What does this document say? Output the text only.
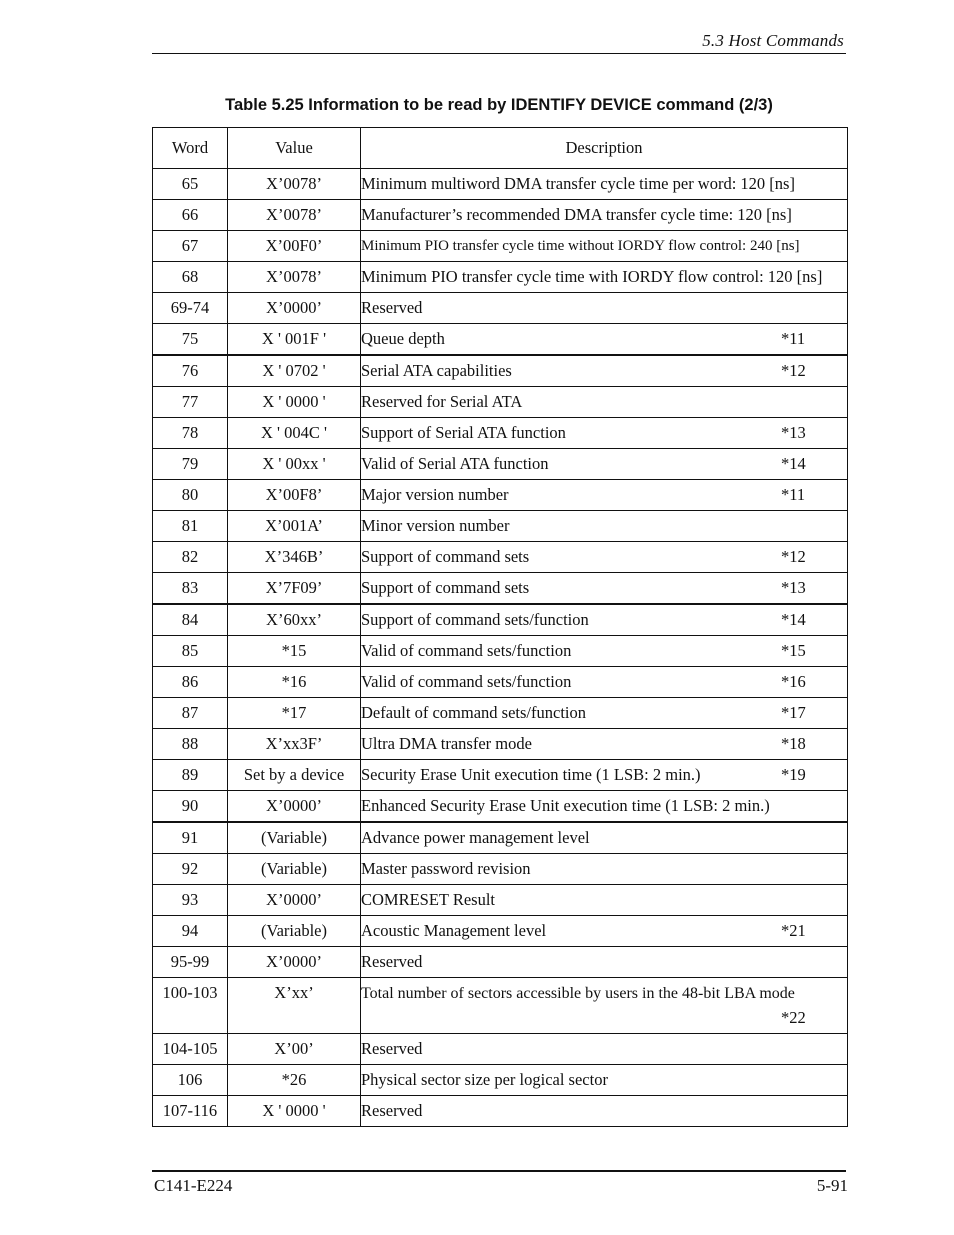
5.3 Host Commands
Table 5.25 Information to be read by IDENTIFY DEVICE command (2/3)
Word	Value	Description
65	X’0078’	Minimum multiword DMA transfer cycle time per word: 120 [ns]
66	X’0078’	Manufacturer’s recommended DMA transfer cycle time: 120 [ns]
67	X’00F0’	Minimum PIO transfer cycle time without IORDY flow control: 240 [ns]
68	X’0078’	Minimum PIO transfer cycle time with IORDY flow control: 120 [ns]
69-74	X’0000’	Reserved
75	X ' 001F '	Queue depth *11

76	X ' 0702 '	Serial ATA capabilities *12

77	X ' 0000 '	Reserved for Serial ATA
78	X ' 004C '	Support of Serial ATA function *13

79	X ' 00xx '	Valid of Serial ATA function *14

80	X’00F8’	Major version number *11

81	X’001A’	Minor version number
82	X’346B’	Support of command sets *12

83	X’7F09’	Support of command sets *13

84	X’60xx’	Support of command sets/function *14

85	*15	Valid of command sets/function *15

86	*16	Valid of command sets/function *16

87	*17	Default of command sets/function *17

88	X’xx3F’	Ultra DMA transfer mode *18

89	Set by a device	Security Erase Unit execution time (1 LSB: 2 min.) *19

90	X’0000’	Enhanced Security Erase Unit execution time (1 LSB: 2 min.)
91	(Variable)	Advance power management level
92	(Variable)	Master password revision
93	X’0000’	COMRESET Result
94	(Variable)	Acoustic Management level *21

95-99	X’0000’	Reserved
100-103	X’xx’	Total number of sectors accessible by users in the 48-bit LBA mode
*22

104-105	X’00’	Reserved
106	*26	Physical sector size per logical sector
107-116	X ' 0000 '	Reserved
C141-E224	5-91
